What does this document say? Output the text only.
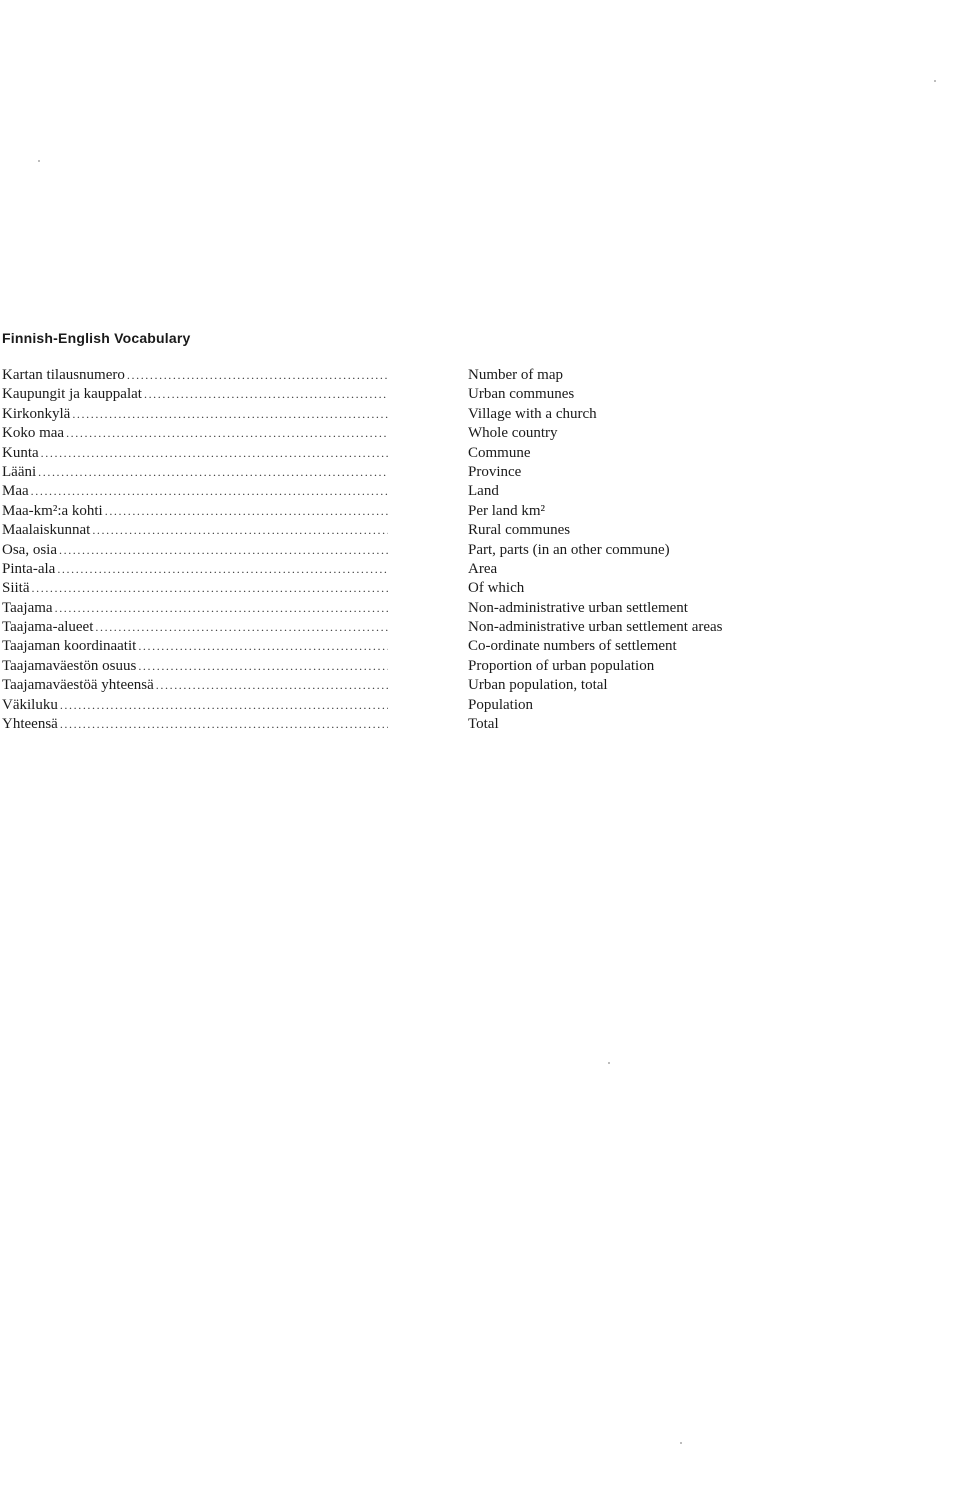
Finnish-English Vocabulary
Kartan tilausnumero
.....
Kaupungit ja kauppalat
.....
Kirkonkylä
.....
Koko maa
.....
Kunta
.....
Lääni
.....
Maa
.....
Maa-km²:a kohti
.....
Maalaiskunnat
.....
Osa, osia
.....
Pinta-ala
.....
Siitä
.....
Taajama
.....
Taajama-alueet
.....
Taajaman koordinaatit
.....
Taajamaväestön osuus
.....
Taajamaväestöä yhteensä
.....
Väkiluku
.....
Yhteensä
.....
Number of map
Urban communes
Village with a church
Whole country
Commune
Province
Land
Per land km²
Rural communes
Part, parts (in an other commune)
Area
Of which
Non-administrative urban settlement
Non-administrative urban settlement areas
Co-ordinate numbers of settlement
Proportion of urban population
Urban population, total
Population
Total
